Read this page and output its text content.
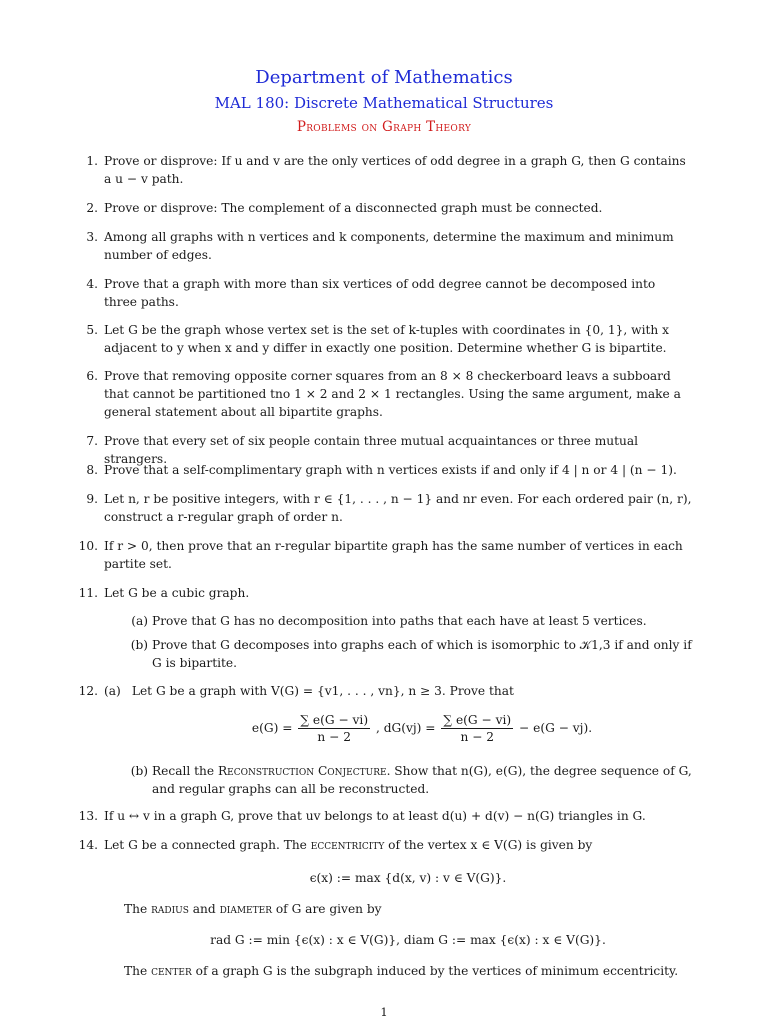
Department of Mathematics
MAL 180: Discrete Mathematical Structures
Problems on Graph Theory
1. Prove or disprove: If u and v are the only vertices of odd degree in a graph G, then G contains a u − v path.
2. Prove or disprove: The complement of a disconnected graph must be connected.
3. Among all graphs with n vertices and k components, determine the maximum and minimum number of edges.
4. Prove that a graph with more than six vertices of odd degree cannot be decomposed into three paths.
5. Let G be the graph whose vertex set is the set of k-tuples with coordinates in {0, 1}, with x adjacent to y when x and y differ in exactly one position. Determine whether G is bipartite.
6. Prove that removing opposite corner squares from an 8 × 8 checkerboard leavs a subboard that cannot be partitioned tno 1 × 2 and 2 × 1 rectangles. Using the same argument, make a general statement about all bipartite graphs.
7. Prove that every set of six people contain three mutual acquaintances or three mutual strangers.
8. Prove that a self-complimentary graph with n vertices exists if and only if 4 | n or 4 | (n − 1).
9. Let n, r be positive integers, with r ∈ {1, . . . , n − 1} and nr even. For each ordered pair (n, r), construct a r-regular graph of order n.
10. If r > 0, then prove that an r-regular bipartite graph has the same number of vertices in each partite set.
11. Let G be a cubic graph.
(a) Prove that G has no decomposition into paths that each have at least 5 vertices.
(b) Prove that G decomposes into graphs each of which is isomorphic to 𝒦1,3 if and only if G is bipartite.
12. (a) Let G be a graph with V(G) = {v1, . . . , vn}, n ≥ 3. Prove that
$e(G) = \frac{\sum e(G - vi)}{n - 2}$ , $dG(vj) = \frac{\sum e(G - vi)}{n - 2} - e(G - vj)$.
(b) Recall the Reconstruction Conjecture. Show that n(G), e(G), the degree sequence of G, and regular graphs can all be reconstructed.
13. If u ↔ v in a graph G, prove that uv belongs to at least d(u) + d(v) − n(G) triangles in G.
14. Let G be a connected graph. The eccentricity of the vertex x ∈ V(G) is given by
ϵ(x) := max {d(x, v) : v ∈ V(G)}.
The radius and diameter of G are given by
rad G := min {ϵ(x) : x ∈ V(G)}, diam G := max {ϵ(x) : x ∈ V(G)}.
The center of a graph G is the subgraph induced by the vertices of minimum eccentricity.
1
